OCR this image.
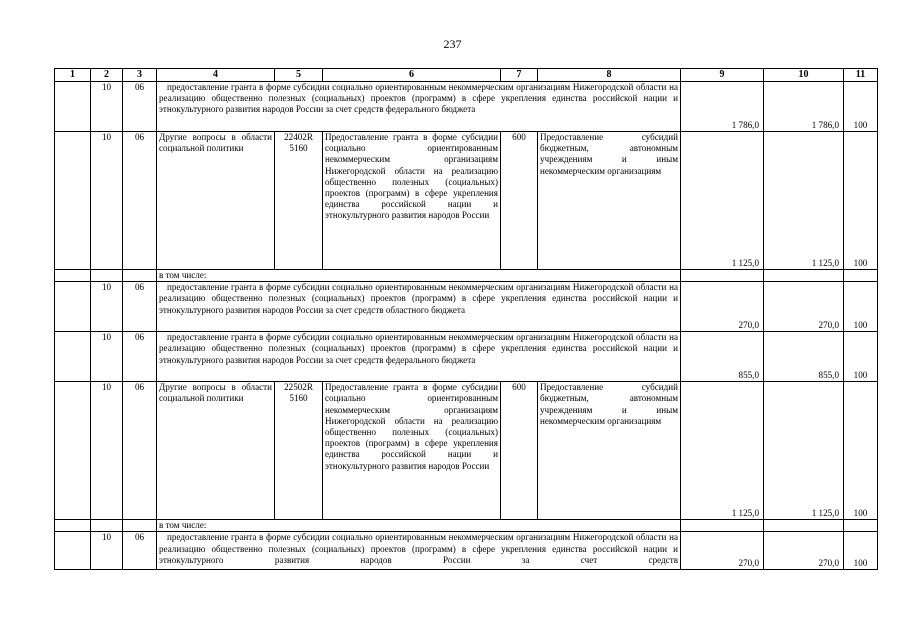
237
1	2	3	4	5	6	7	8	9	10	11
	10	06	предоставление гранта в форме субсидии социально ориентированным некоммерческим организациям Нижегородской области на реализацию общественно полезных (социальных) проектов (программ) в сфере укрепления единства российской нации и этнокультурного развития народов России за счет средств федерального бюджета					1 786,0	1 786,0	100
	10	06	Другие вопросы в области социальной политики	22402R 5160	Предоставление гранта в форме субсидии социально ориентированным некоммерческим организациям Нижегородской области на реализацию общественно полезных (социальных) проектов (программ) в сфере укрепления единства российской нации и этнокультурного развития народов России	600	Предоставление субсидий бюджетным, автономным учреждениям и иным некоммерческим организациям	1 125,0	1 125,0	100
			в том числе:							
	10	06	предоставление гранта в форме субсидии социально ориентированным некоммерческим организациям Нижегородской области на реализацию общественно полезных (социальных) проектов (программ) в сфере укрепления единства российской нации и этнокультурного развития народов России за счет средств областного бюджета					270,0	270,0	100
	10	06	предоставление гранта в форме субсидии социально ориентированным некоммерческим организациям Нижегородской области на реализацию общественно полезных (социальных) проектов (программ) в сфере укрепления единства российской нации и этнокультурного развития народов России за счет средств федерального бюджета					855,0	855,0	100
	10	06	Другие вопросы в области социальной политики	22502R 5160	Предоставление гранта в форме субсидии социально ориентированным некоммерческим организациям Нижегородской области на реализацию общественно полезных (социальных) проектов (программ) в сфере укрепления единства российской нации и этнокультурного развития народов России	600	Предоставление субсидий бюджетным, автономным учреждениям и иным некоммерческим организациям	1 125,0	1 125,0	100
			в том числе:							
	10	06	предоставление гранта в форме субсидии социально ориентированным некоммерческим организациям Нижегородской области на реализацию общественно полезных (социальных) проектов (программ) в сфере укрепления единства российской нации и этнокультурного развития народов России за счет средств					270,0	270,0	100
